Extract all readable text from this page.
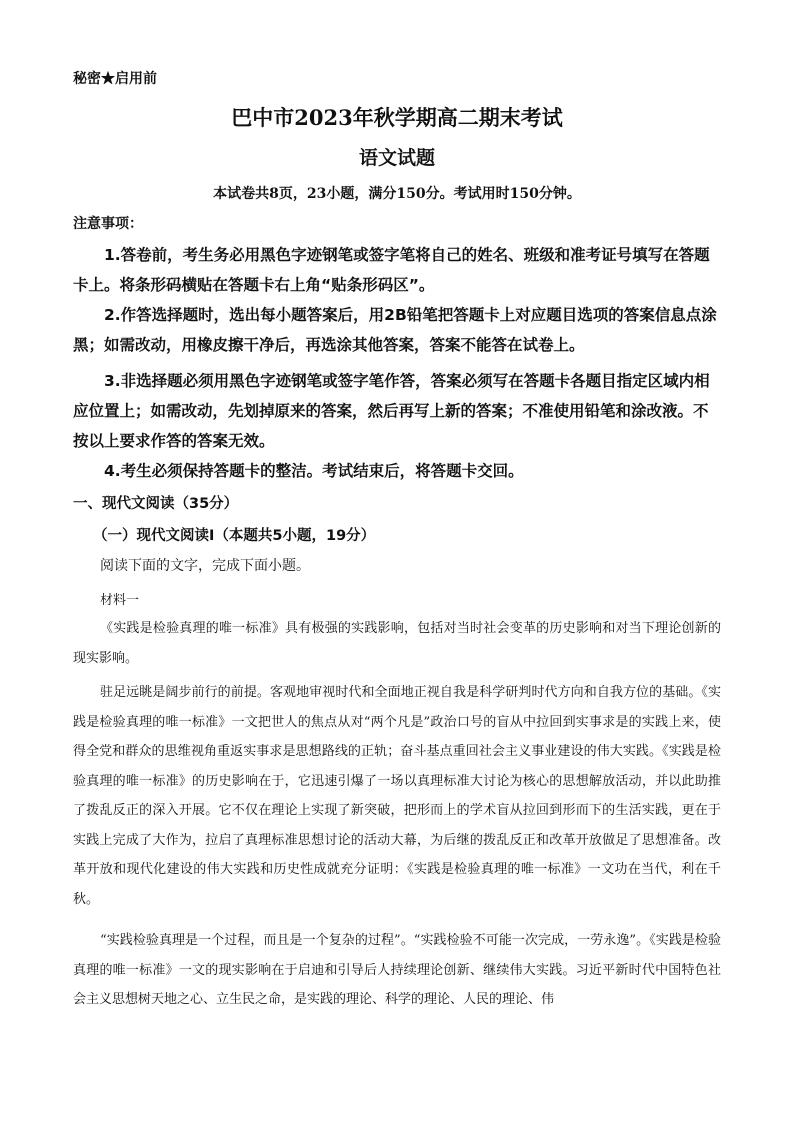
秘密★启用前
巴中市2023年秋学期高二期末考试
语文试题
本试卷共8页，23小题，满分150分。考试用时150分钟。
注意事项：
1.答卷前，考生务必用黑色字迹钢笔或签字笔将自己的姓名、班级和准考证号填写在答题卡上。将条形码横贴在答题卡右上角“贴条形码区”。
2.作答选择题时，选出每小题答案后，用2B铅笔把答题卡上对应题目选项的答案信息点涂黑；如需改动，用橡皮擦干净后，再选涂其他答案，答案不能答在试卷上。
3.非选择题必须用黑色字迹钢笔或签字笔作答，答案必须写在答题卡各题目指定区域内相应位置上；如需改动，先划掉原来的答案，然后再写上新的答案；不准使用铅笔和涂改液。不按以上要求作答的答案无效。
4.考生必须保持答题卡的整洁。考试结束后，将答题卡交回。
一、现代文阅读（35分）
（一）现代文阅读Ⅰ（本题共5小题，19分）
阅读下面的文字，完成下面小题。
材料一
《实践是检验真理的唯一标准》具有极强的实践影响，包括对当时社会变革的历史影响和对当下理论创新的现实影响。
驻足远眺是阔步前行的前提。客观地审视时代和全面地正视自我是科学研判时代方向和自我方位的基础。《实践是检验真理的唯一标准》一文把世人的焦点从对“两个凡是”政治口号的盲从中拉回到实事求是的实践上来，使得全党和群众的思维视角重返实事求是思想路线的正轨；奋斗基点重回社会主义事业建设的伟大实践。《实践是检验真理的唯一标准》的历史影响在于，它迅速引爆了一场以真理标准大讨论为核心的思想解放活动，并以此助推了拨乱反正的深入开展。它不仅在理论上实现了新突破，把形而上的学术盲从拉回到形而下的生活实践，更在于实践上完成了大作为，拉启了真理标准思想讨论的活动大幕，为后继的拨乱反正和改革开放做足了思想准备。改革开放和现代化建设的伟大实践和历史性成就充分证明：《实践是检验真理的唯一标准》一文功在当代，利在千秋。
“实践检验真理是一个过程，而且是一个复杂的过程”。“实践检验不可能一次完成，一劳永逸”。《实践是检验真理的唯一标准》一文的现实影响在于启迪和引导后人持续理论创新、继续伟大实践。习近平新时代中国特色社会主义思想树天地之心、立生民之命，是实践的理论、科学的理论、人民的理论、伟
